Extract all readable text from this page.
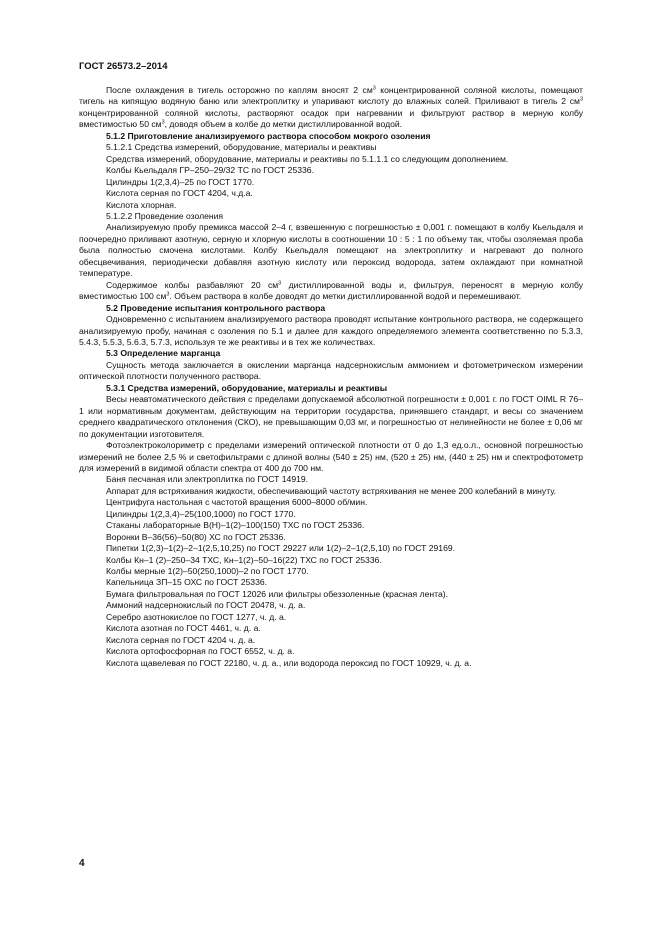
ГОСТ 26573.2–2014

После охлаждения в тигель осторожно по каплям вносят 2 $см^3$ концентрированной соляной кислоты, помещают тигель на кипящую водяную баню или электроплитку и упаривают кислоту до влажных солей. Приливают в тигель 2 $см^3$ концентрированной соляной кислоты, растворяют осадок при нагревании и фильтруют раствор в мерную колбу вместимостью 50 $см^3$, доводя объем в колбе до метки дистиллированной водой.

5.1.2 Приготовление анализируемого раствора способом мокрого озоления

5.1.2.1 Средства измерений, оборудование, материалы и реактивы

Средства измерений, оборудование, материалы и реактивы по 5.1.1.1 со следующим дополнением.

Колбы Кьельдаля ГР–250–29/32 ТС по ГОСТ 25336.

Цилиндры 1(2,3,4)–25 по ГОСТ 1770.

Кислота серная по ГОСТ 4204, ч.д.а.

Кислота хлорная.

5.1.2.2 Проведение озоления

Анализируемую пробу премикса массой 2–4 г, взвешенную с погрешностью ± 0,001 г. помещают в колбу Кьельдаля и поочередно приливают азотную, серную и хлорную кислоты в соотношении 10 : 5 : 1 по объему так, чтобы озоляемая проба была полностью смочена кислотами. Колбу Кьельдаля помещают на электроплитку и нагревают до полного обесцвечивания, периодически добавляя азотную кислоту или пероксид водорода, затем охлаждают при комнатной температуре.

Содержимое колбы разбавляют 20 $см^3$ дистиллированной воды и, фильтруя, переносят в мерную колбу вместимостью 100 $см^3$. Объем раствора в колбе доводят до метки дистиллированной водой и перемешивают.

5.2 Проведение испытания контрольного раствора

Одновременно с испытанием анализируемого раствора проводят испытание контрольного раствора, не содержащего анализируемую пробу, начиная с озоления по 5.1 и далее для каждого определяемого элемента соответственно по 5.3.3, 5.4.3, 5.5.3, 5.6.3, 5.7.3, используя те же реактивы и в тех же количествах.

5.3 Определение марганца

Сущность метода заключается в окислении марганца надсернокислым аммонием и фотометрическом измерении оптической плотности полученного раствора.

5.3.1 Средства измерений, оборудование, материалы и реактивы

Весы неавтоматического действия с пределами допускаемой абсолютной погрешности ± 0,001 г. по ГОСТ OIML R 76–1 или нормативным документам, действующим на территории государства, принявшего стандарт, и весы со значением среднего квадратического отклонения (СКО), не превышающим 0,03 мг, и погрешностью от нелинейности не более ± 0,06 мг по документации изготовителя.

Фотоэлектроколориметр с пределами измерений оптической плотности от 0 до 1,3 ед.о.л., основной погрешностью измерений не более 2,5 % и светофильтрами с длиной волны (540 ± 25) нм, (520 ± 25) нм, (440 ± 25) нм и спектрофотометр для измерений в видимой области спектра от 400 до 700 нм.

Баня песчаная или электроплитка по ГОСТ 14919.

Аппарат для встряхивания жидкости, обеспечивающий частоту встряхивания не менее 200 колебаний в минуту.

Центрифуга настольная с частотой вращения 6000–8000 об/мин.

Цилиндры 1(2,3,4)–25(100,1000) по ГОСТ 1770.

Стаканы лабораторные В(Н)–1(2)–100(150) ТХС по ГОСТ 25336.

Воронки В–36(56)–50(80) ХС по ГОСТ 25336.

Пипетки 1(2,3)–1(2)–2–1(2,5,10,25) по ГОСТ 29227 или 1(2)–2–1(2,5,10) по ГОСТ 29169.

Колбы Кн–1 (2)–250–34 ТХС, Кн–1(2)–50–16(22) ТХС по ГОСТ 25336.

Колбы мерные 1(2)–50(250,1000)–2 по ГОСТ 1770.

Капельница ЗП–15 ОХС по ГОСТ 25336.

Бумага фильтровальная по ГОСТ 12026 или фильтры обеззоленные (красная лента).

Аммоний надсернокислый по ГОСТ 20478, ч. д. а.

Серебро азотнокислое по ГОСТ 1277, ч. д. а.

Кислота азотная по ГОСТ 4461, ч. д. а.

Кислота серная по ГОСТ 4204 ч. д. а.

Кислота ортофосфорная по ГОСТ 6552, ч. д. а.

Кислота щавелевая по ГОСТ 22180, ч. д. а., или водорода пероксид по ГОСТ 10929, ч. д. а.

4
